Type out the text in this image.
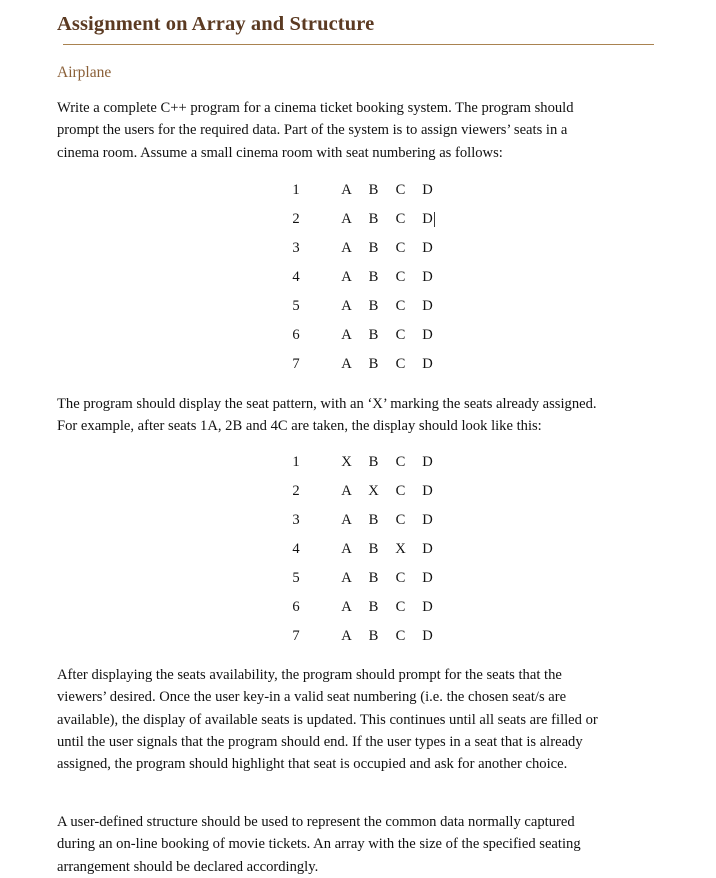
Assignment on Array and Structure
Airplane

Write a complete C++ program for a cinema ticket booking system. The program should
prompt the users for the required data. Part of the system is to assign viewers’ seats in a
cinema room. Assume a small cinema room with seat numbering as follows:

1	A	B	C	D
2	A	B	C	D

3	A	B	C	D
4	A	B	C	D
5	A	B	C	D
6	A	B	C	D
7	A	B	C	D

The program should display the seat pattern, with an ‘X’ marking the seats already assigned.
For example, after seats 1A, 2B and 4C are taken, the display should look like this:

1	X	B	C	D
2	A	X	C	D
3	A	B	C	D
4	A	B	X	D
5	A	B	C	D
6	A	B	C	D
7	A	B	C	D

After displaying the seats availability, the program should prompt for the seats that the
viewers’ desired. Once the user key-in a valid seat numbering (i.e. the chosen seat/s are
available), the display of available seats is updated. This continues until all seats are filled or
until the user signals that the program should end. If the user types in a seat that is already
assigned, the program should highlight that seat is occupied and ask for another choice.

A user-defined structure should be used to represent the common data normally captured
during an on-line booking of movie tickets. An array with the size of the specified seating
arrangement should be declared accordingly.
